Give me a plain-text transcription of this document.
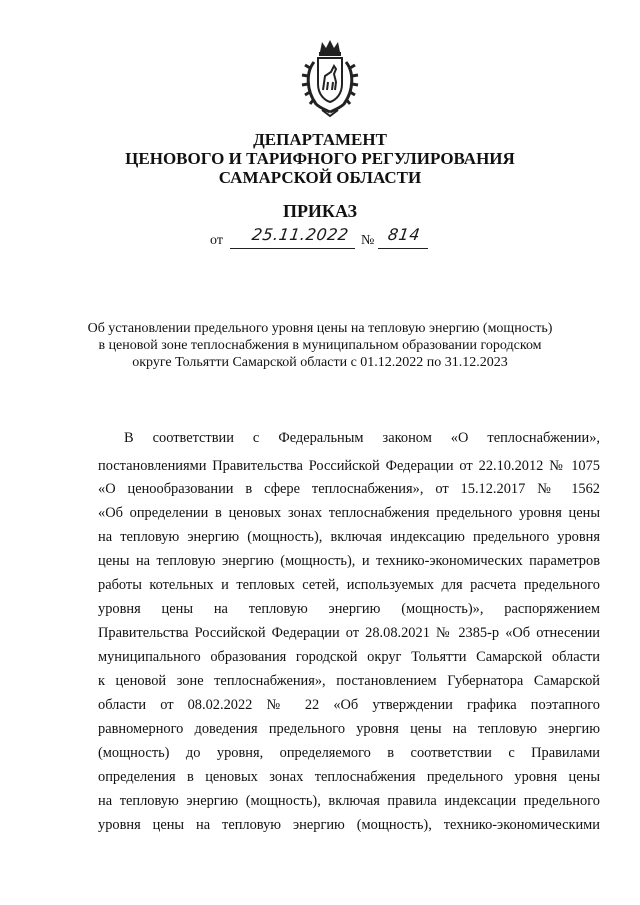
ДЕПАРТАМЕНТ
ЦЕНОВОГО И ТАРИФНОГО РЕГУЛИРОВАНИЯ
САМАРСКОЙ ОБЛАСТИ
ПРИКАЗ
от 25.11.2022 № 814
Об установлении предельного уровня цены на тепловую энергию (мощность)
в ценовой зоне теплоснабжения в муниципальном образовании городском
округе Тольятти Самарской области с 01.12.2022 по 31.12.2023
В соответствии с Федеральным законом «О теплоснабжении»,
постановлениями Правительства Российской Федерации от 22.10.2012 № 1075
«О ценообразовании в сфере теплоснабжения», от 15.12.2017 № 1562
«Об определении в ценовых зонах теплоснабжения предельного уровня цены
на тепловую энергию (мощность), включая индексацию предельного уровня
цены на тепловую энергию (мощность), и технико-экономических параметров
работы котельных и тепловых сетей, используемых для расчета предельного
уровня цены на тепловую энергию (мощность)», распоряжением
Правительства Российской Федерации от 28.08.2021 № 2385-р «Об отнесении
муниципального образования городской округ Тольятти Самарской области
к ценовой зоне теплоснабжения», постановлением Губернатора Самарской
области от 08.02.2022 № 22 «Об утверждении графика поэтапного
равномерного доведения предельного уровня цены на тепловую энергию
(мощность) до уровня, определяемого в соответствии с Правилами
определения в ценовых зонах теплоснабжения предельного уровня цены
на тепловую энергию (мощность), включая правила индексации предельного
уровня цены на тепловую энергию (мощность), технико-экономическими
